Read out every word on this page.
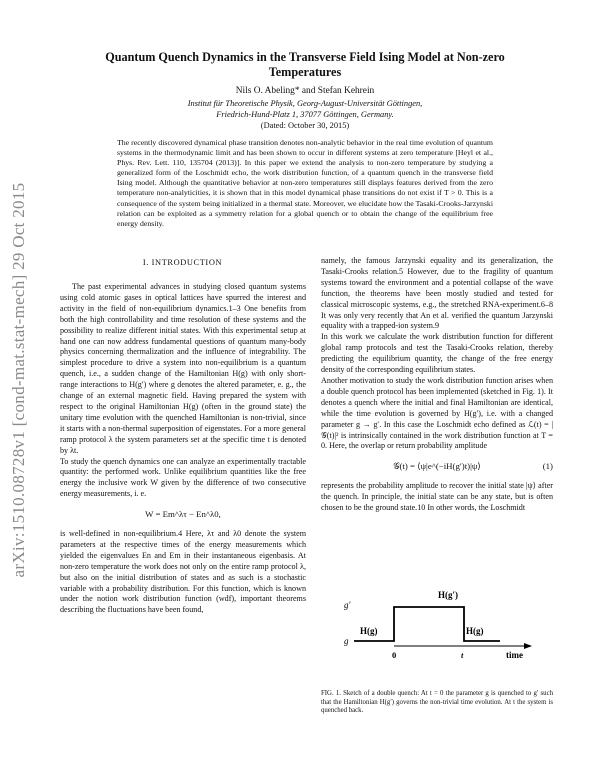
arXiv:1510.08728v1 [cond-mat.stat-mech] 29 Oct 2015
Quantum Quench Dynamics in the Transverse Field Ising Model at Non-zero Temperatures
Nils O. Abeling* and Stefan Kehrein
Institut für Theoretische Physik, Georg-August-Universität Göttingen,
Friedrich-Hund-Platz 1, 37077 Göttingen, Germany.
(Dated: October 30, 2015)
The recently discovered dynamical phase transition denotes non-analytic behavior in the real time evolution of quantum systems in the thermodynamic limit and has been shown to occur in different systems at zero temperature [Heyl et al., Phys. Rev. Lett. 110, 135704 (2013)]. In this paper we extend the analysis to non-zero temperature by studying a generalized form of the Loschmidt echo, the work distribution function, of a quantum quench in the transverse field Ising model. Although the quantitative behavior at non-zero temperatures still displays features derived from the zero temperature non-analyticities, it is shown that in this model dynamical phase transitions do not exist if T > 0. This is a consequence of the system being initialized in a thermal state. Moreover, we elucidate how the Tasaki-Crooks-Jarzynski relation can be exploited as a symmetry relation for a global quench or to obtain the change of the equilibrium free energy density.
I. INTRODUCTION

The past experimental advances in studying closed quantum systems using cold atomic gases in optical lattices have spurred the interest and activity in the field of non-equilibrium dynamics.1–3 One benefits from both the high controllability and time resolution of these systems and the possibility to realize different initial states. With this experimental setup at hand one can now address fundamental questions of quantum many-body physics concerning thermalization and the influence of integrability. The simplest procedure to drive a system into non-equilibrium is a quantum quench, i.e., a sudden change of the Hamiltonian H(g) with only short-range interactions to H(g′) where g denotes the altered parameter, e. g., the change of an external magnetic field. Having prepared the system with respect to the original Hamiltonian H(g) (often in the ground state) the unitary time evolution with the quenched Hamiltonian is non-trivial, since it starts with a non-thermal superposition of eigenstates. For a more general ramp protocol λ the system parameters set at the specific time t is denoted by λt.

To study the quench dynamics one can analyze an experimentally tractable quantity: the performed work. Unlike equilibrium quantities like the free energy the inclusive work W given by the difference of two consecutive energy measurements, i. e.

W = Em^λτ − En^λ0,

is well-defined in non-equilibrium.4 Here, λτ and λ0 denote the system parameters at the respective times of the energy measurements which yielded the eigenvalues En and Em in their instantaneous eigenbasis. At non-zero temperature the work does not only on the entire ramp protocol λ, but also on the initial distribution of states and as such is a stochastic variable with a probability distribution. For this function, which is known under the notion work distribution function (wdf), important theorems describing the fluctuations have been found,

namely, the famous Jarzynski equality and its generalization, the Tasaki-Crooks relation.5 However, due to the fragility of quantum systems toward the environment and a potential collapse of the wave function, the theorems have been mostly studied and tested for classical microscopic systems, e.g., the stretched RNA-experiment.6–8 It was only very recently that An et al. verified the quantum Jarzynski equality with a trapped-ion system.9

In this work we calculate the work distribution function for different global ramp protocols and test the Tasaki-Crooks relation, thereby predicting the equilibrium quantity, the change of the free energy density of the corresponding equilibrium states.

Another motivation to study the work distribution function arises when a double quench protocol has been implemented (sketched in Fig. 1). It denotes a quench where the initial and final Hamiltonian are identical, while the time evolution is governed by H(g′), i.e. with a changed parameter g → g′. In this case the Loschmidt echo defined as ℒ(t) = |𝒢(t)|² is intrinsically contained in the work distribution function at T = 0. Here, the overlap or return probability amplitude

𝒢(t) = ⟨ψ|e^(−iH(g′)t)|ψ⟩	(1)

represents the probability amplitude to recover the initial state |ψ⟩ after the quench. In principle, the initial state can be any state, but is often chosen to be the ground state.10 In other words, the Loschmidt

g′
g
H(g′)
H(g)	H(g)
0	t	time
FIG. 1. Sketch of a double quench: At t = 0 the parameter g is quenched to g′ such that the Hamiltonian H(g′) governs the non-trivial time evolution. At t the system is quenched back.
